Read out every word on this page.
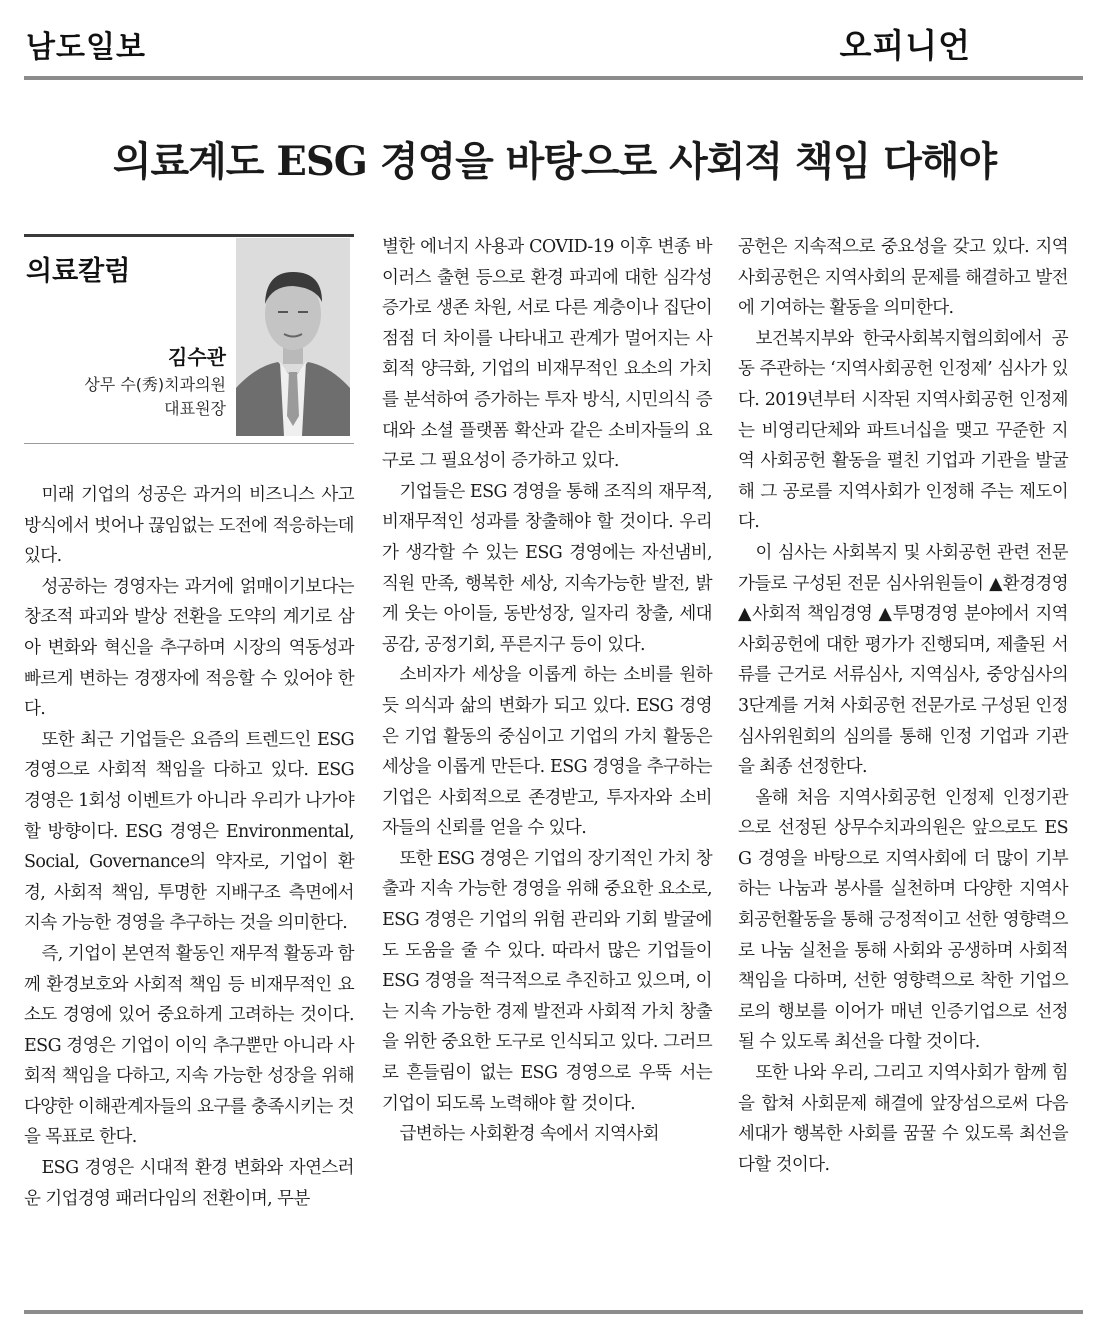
남도일보	오피니언
의료계도 ESG 경영을 바탕으로 사회적 책임 다해야
의료칼럼
김수관
상무 수(秀)치과의원
대표원장

미래 기업의 성공은 과거의 비즈니스 사고방식에서 벗어나 끊임없는 도전에 적응하는데 있다.

성공하는 경영자는 과거에 얽매이기보다는 창조적 파괴와 발상 전환을 도약의 계기로 삼아 변화와 혁신을 추구하며 시장의 역동성과 빠르게 변하는 경쟁자에 적응할 수 있어야 한다.

또한 최근 기업들은 요즘의 트렌드인 ESG 경영으로 사회적 책임을 다하고 있다. ESG 경영은 1회성 이벤트가 아니라 우리가 나가야할 방향이다. ESG 경영은 Environmental, Social, Governance의 약자로, 기업이 환경, 사회적 책임, 투명한 지배구조 측면에서 지속 가능한 경영을 추구하는 것을 의미한다.

즉, 기업이 본연적 활동인 재무적 활동과 함께 환경보호와 사회적 책임 등 비재무적인 요소도 경영에 있어 중요하게 고려하는 것이다. ESG 경영은 기업이 이익 추구뿐만 아니라 사회적 책임을 다하고, 지속 가능한 성장을 위해 다양한 이해관계자들의 요구를 충족시키는 것을 목표로 한다.

ESG 경영은 시대적 환경 변화와 자연스러운 기업경영 패러다임의 전환이며, 무분

별한 에너지 사용과 COVID-19 이후 변종 바이러스 출현 등으로 환경 파괴에 대한 심각성 증가로 생존 차원, 서로 다른 계층이나 집단이 점점 더 차이를 나타내고 관계가 멀어지는 사회적 양극화, 기업의 비재무적인 요소의 가치를 분석하여 증가하는 투자 방식, 시민의식 증대와 소셜 플랫폼 확산과 같은 소비자들의 요구로 그 필요성이 증가하고 있다.

기업들은 ESG 경영을 통해 조직의 재무적, 비재무적인 성과를 창출해야 할 것이다. 우리가 생각할 수 있는 ESG 경영에는 자선냄비, 직원 만족, 행복한 세상, 지속가능한 발전, 밝게 웃는 아이들, 동반성장, 일자리 창출, 세대공감, 공정기회, 푸른지구 등이 있다.

소비자가 세상을 이롭게 하는 소비를 원하듯 의식과 삶의 변화가 되고 있다. ESG 경영은 기업 활동의 중심이고 기업의 가치 활동은 세상을 이롭게 만든다. ESG 경영을 추구하는 기업은 사회적으로 존경받고, 투자자와 소비자들의 신뢰를 얻을 수 있다.

또한 ESG 경영은 기업의 장기적인 가치 창출과 지속 가능한 경영을 위해 중요한 요소로, ESG 경영은 기업의 위험 관리와 기회 발굴에도 도움을 줄 수 있다. 따라서 많은 기업들이 ESG 경영을 적극적으로 추진하고 있으며, 이는 지속 가능한 경제 발전과 사회적 가치 창출을 위한 중요한 도구로 인식되고 있다. 그러므로 흔들림이 없는 ESG 경영으로 우뚝 서는 기업이 되도록 노력해야 할 것이다.

급변하는 사회환경 속에서 지역사회

공헌은 지속적으로 중요성을 갖고 있다. 지역사회공헌은 지역사회의 문제를 해결하고 발전에 기여하는 활동을 의미한다.

보건복지부와 한국사회복지협의회에서 공동 주관하는 ‘지역사회공헌 인정제’ 심사가 있다. 2019년부터 시작된 지역사회공헌 인정제는 비영리단체와 파트너십을 맺고 꾸준한 지역 사회공헌 활동을 펼친 기업과 기관을 발굴해 그 공로를 지역사회가 인정해 주는 제도이다.

이 심사는 사회복지 및 사회공헌 관련 전문가들로 구성된 전문 심사위원들이 ▲환경경영 ▲사회적 책임경영 ▲투명경영 분야에서 지역사회공헌에 대한 평가가 진행되며, 제출된 서류를 근거로 서류심사, 지역심사, 중앙심사의 3단계를 거쳐 사회공헌 전문가로 구성된 인정심사위원회의 심의를 통해 인정 기업과 기관을 최종 선정한다.

올해 처음 지역사회공헌 인정제 인정기관으로 선정된 상무수치과의원은 앞으로도 ESG 경영을 바탕으로 지역사회에 더 많이 기부하는 나눔과 봉사를 실천하며 다양한 지역사회공헌활동을 통해 긍정적이고 선한 영향력으로 나눔 실천을 통해 사회와 공생하며 사회적 책임을 다하며, 선한 영향력으로 착한 기업으로의 행보를 이어가 매년 인증기업으로 선정될 수 있도록 최선을 다할 것이다.

또한 나와 우리, 그리고 지역사회가 함께 힘을 합쳐 사회문제 해결에 앞장섬으로써 다음 세대가 행복한 사회를 꿈꿀 수 있도록 최선을 다할 것이다.
